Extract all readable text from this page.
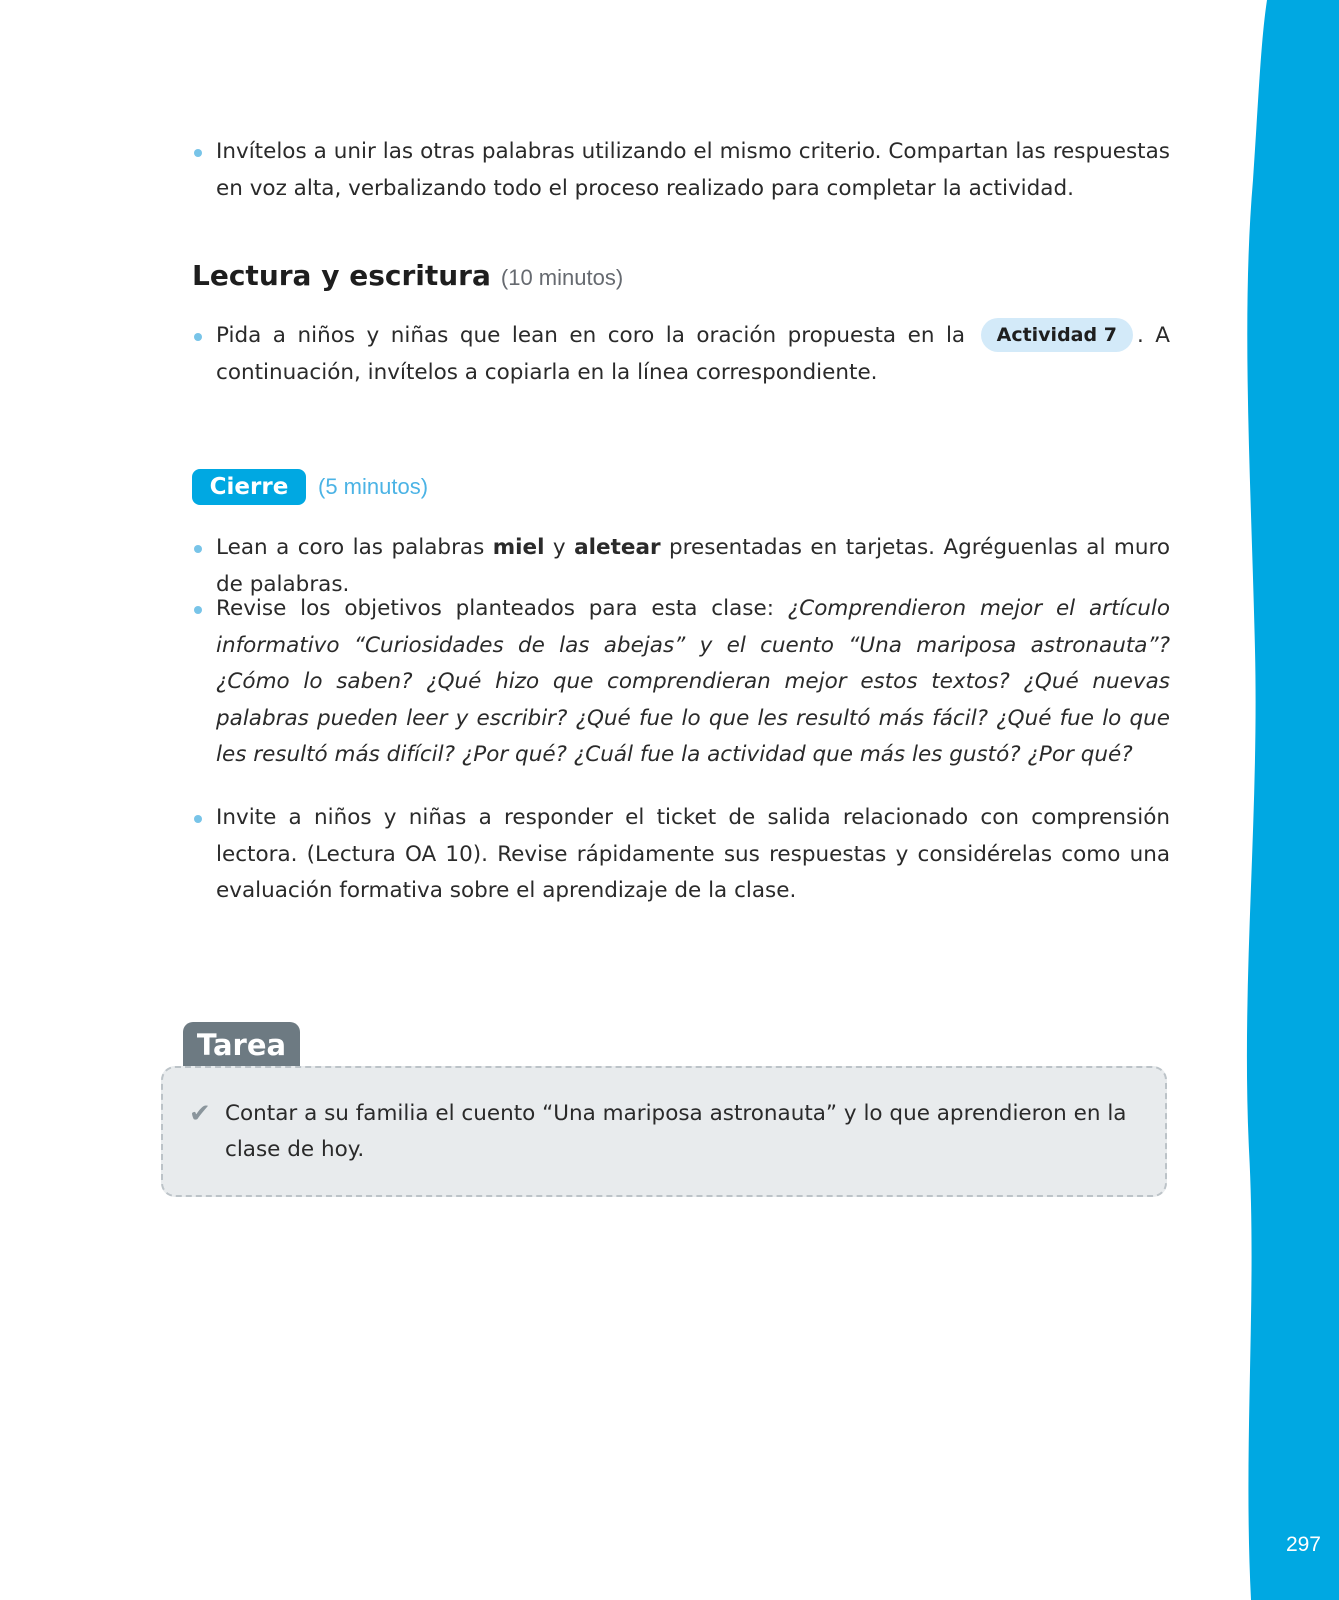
297
Invítelos a unir las otras palabras utilizando el mismo criterio. Compartan las respuestas en voz alta, verbalizando todo el proceso realizado para completar la actividad.
Lectura y escritura (10 minutos)
Pida a niños y niñas que lean en coro la oración propuesta en la Actividad 7 . A continuación, invítelos a copiarla en la línea correspondiente.
Cierre	(5 minutos)
Lean a coro las palabras miel y aletear presentadas en tarjetas. Agréguenlas al muro de palabras.
Revise los objetivos planteados para esta clase: ¿Comprendieron mejor el artículo informativo “Curiosidades de las abejas” y el cuento “Una mariposa astronauta”? ¿Cómo lo saben? ¿Qué hizo que comprendieran mejor estos textos? ¿Qué nuevas palabras pueden leer y escribir? ¿Qué fue lo que les resultó más fácil? ¿Qué fue lo que les resultó más difícil? ¿Por qué? ¿Cuál fue la actividad que más les gustó? ¿Por qué?
Invite a niños y niñas a responder el ticket de salida relacionado con comprensión lectora. (Lectura OA 10). Revise rápidamente sus respuestas y considérelas como una evaluación formativa sobre el aprendizaje de la clase.
Tarea
✔ Contar a su familia el cuento “Una mariposa astronauta” y lo que aprendieron en la clase de hoy.
